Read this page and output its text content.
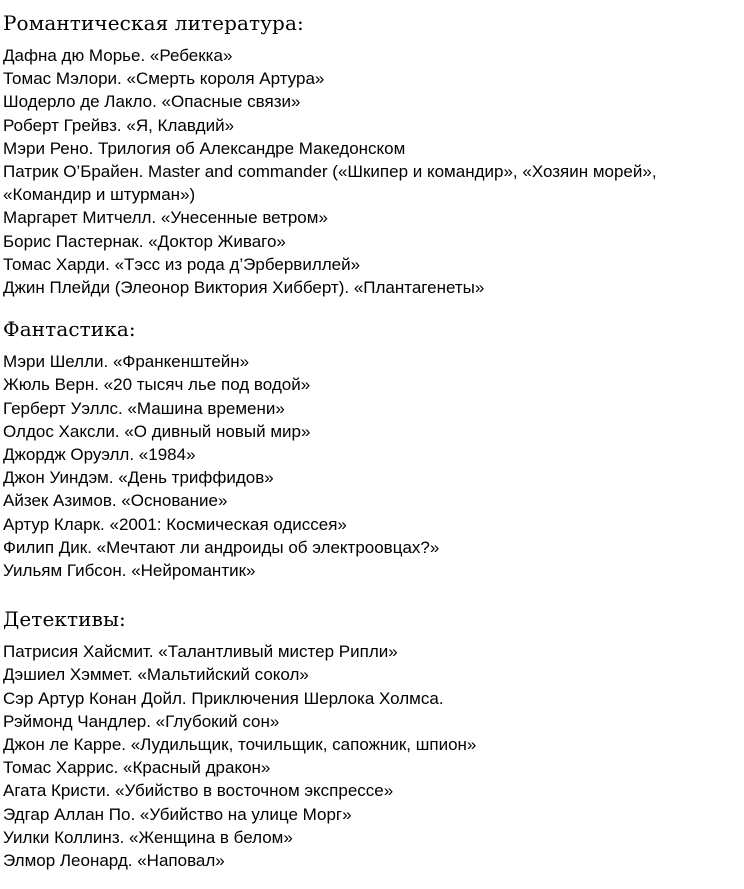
Романтическая литература:
Дафна дю Морье. «Ребекка»
Томас Мэлори. «Смерть короля Артура»
Шодерло де Лакло. «Опасные связи»
Роберт Грейвз. «Я, Клавдий»
Мэри Рено. Трилогия об Александре Македонском
Патрик О’Брайен. Master and commander («Шкипер и командир», «Хозяин морей», «Командир и штурман»)
Маргарет Митчелл. «Унесенные ветром»
Борис Пастернак. «Доктор Живаго»
Томас Харди. «Тэсс из рода д’Эрбервиллей»
Джин Плейди (Элеонор Виктория Хибберт). «Плантагенеты»
Фантастика:
Мэри Шелли. «Франкенштейн»
Жюль Верн. «20 тысяч лье под водой»
Герберт Уэллс. «Машина времени»
Олдос Хаксли. «О дивный новый мир»
Джордж Оруэлл. «1984»
Джон Уиндэм. «День триффидов»
Айзек Азимов. «Основание»
Артур Кларк. «2001: Космическая одиссея»
Филип Дик. «Мечтают ли андроиды об электроовцах?»
Уильям Гибсон. «Нейромантик»
Детективы:
Патрисия Хайсмит. «Талантливый мистер Рипли»
Дэшиел Хэммет. «Мальтийский сокол»
Сэр Артур Конан Дойл. Приключения Шерлока Холмса.
Рэймонд Чандлер. «Глубокий сон»
Джон ле Карре. «Лудильщик, точильщик, сапожник, шпион»
Томас Харрис. «Красный дракон»
Агата Кристи. «Убийство в восточном экспрессе»
Эдгар Аллан По. «Убийство на улице Морг»
Уилки Коллинз. «Женщина в белом»
Элмор Леонард. «Наповал»
